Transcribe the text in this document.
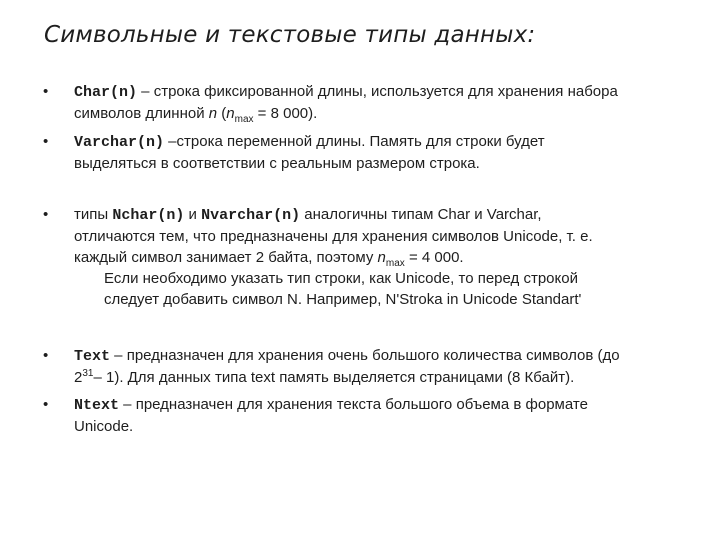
Символьные и текстовые типы данных:
•	Char(n) – строка фиксированной длины, используется для хранения набора
символов длинной n ($n_{max} = 8$ 000).
•	Varchar(n) –строка переменной длины. Память для строки будет
выделяться в соответствии с реальным размером строка.
•	типы Nchar(n) и Nvarchar(n) аналогичны типам Char и Varchar,
отличаются тем, что предназначены для хранения символов Unicode, т. е.
каждый символ занимает 2 байта, поэтому $n_{max} = 4$ 000.
Если необходимо указать тип строки, как Unicode, то перед строкой
следует добавить символ N. Например, N'Stroka in Unicode Standart'
•	Text – предназначен для хранения очень большого количества символов (до
$2^{31}-$ 1). Для данных типа text память выделяется страницами (8 Кбайт).
•	Ntext – предназначен для хранения текста большого объема в формате
Unicode.
